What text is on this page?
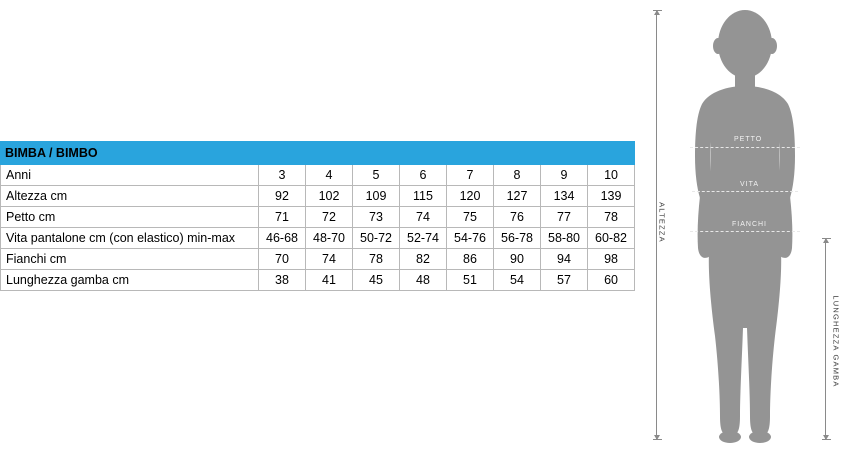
BIMBA / BIMBO								
Anni	3	4	5	6	7	8	9	10
Altezza cm	92	102	109	115	120	127	134	139
Petto cm	71	72	73	74	75	76	77	78
Vita pantalone cm (con elastico) min-max	46-68	48-70	50-72	52-74	54-76	56-78	58-80	60-82
Fianchi cm	70	74	78	82	86	90	94	98
Lunghezza gamba cm	38	41	45	48	51	54	57	60
ALTEZZA
PETTO
VITA
FIANCHI
LUNGHEZZA GAMBA
